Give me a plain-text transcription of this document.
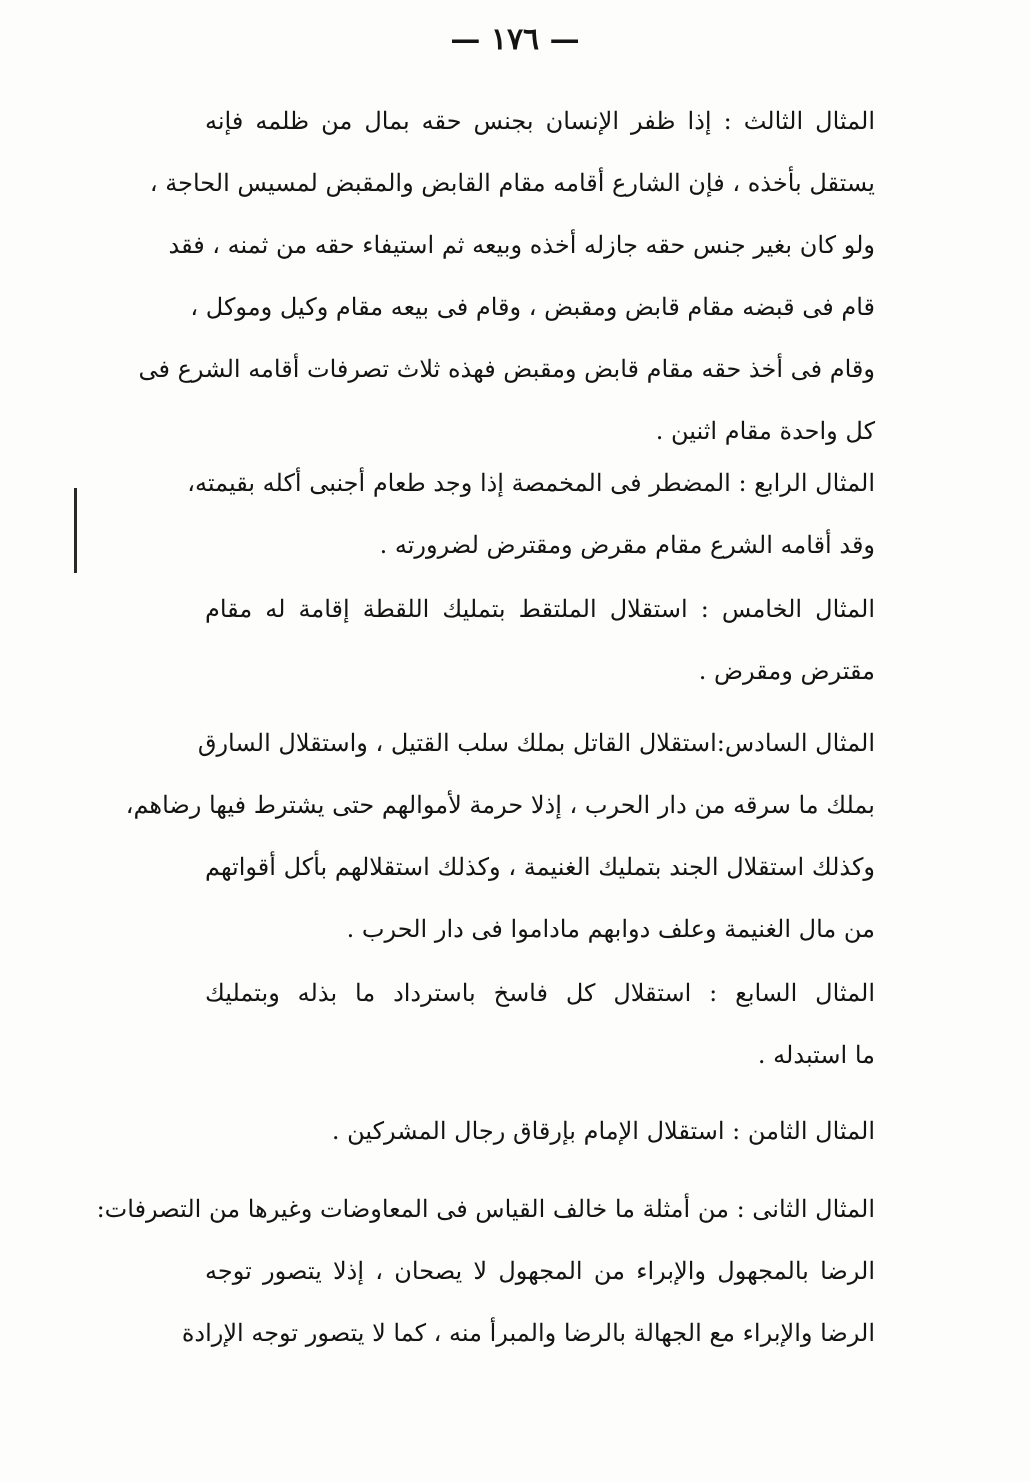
— ١٧٦ —
المثال الثالث : إذا ظفر الإنسان بجنس حقه بمال من ظلمه فإنه
يستقل بأخذه ، فإن الشارع أقامه مقام القابض والمقبض لمسيس الحاجة ،
ولو كان بغير جنس حقه جازله أخذه وبيعه ثم استيفاء حقه من ثمنه ، فقد
قام فى قبضه مقام قابض ومقبض ، وقام فى بيعه مقام وكيل وموكل ،
وقام فى أخذ حقه مقام قابض ومقبض فهذه ثلاث تصرفات أقامه الشرع فى
كل واحدة مقام اثنين .
المثال الرابع : المضطر فى المخمصة إذا وجد طعام أجنبى أكله بقيمته،
وقد أقامه الشرع مقام مقرض ومقترض لضرورته .
المثال الخامس : استقلال الملتقط بتمليك اللقطة إقامة له مقام
مقترض ومقرض .
المثال السادس:استقلال القاتل بملك سلب القتيل ، واستقلال السارق
بملك ما سرقه من دار الحرب ، إذلا حرمة لأموالهم حتى يشترط فيها رضاهم،
وكذلك استقلال الجند بتمليك الغنيمة ، وكذلك استقلالهم بأكل أقواتهم
من مال الغنيمة وعلف دوابهم ماداموا فى دار الحرب .
المثال السابع : استقلال كل فاسخ باسترداد ما بذله وبتمليك
ما استبدله .
المثال الثامن : استقلال الإمام بإرقاق رجال المشركين .
المثال الثانى : من أمثلة ما خالف القياس فى المعاوضات وغيرها من التصرفات:
الرضا بالمجهول والإبراء من المجهول لا يصحان ، إذلا يتصور توجه
الرضا والإبراء مع الجهالة بالرضا والمبرأ منه ، كما لا يتصور توجه الإرادة
